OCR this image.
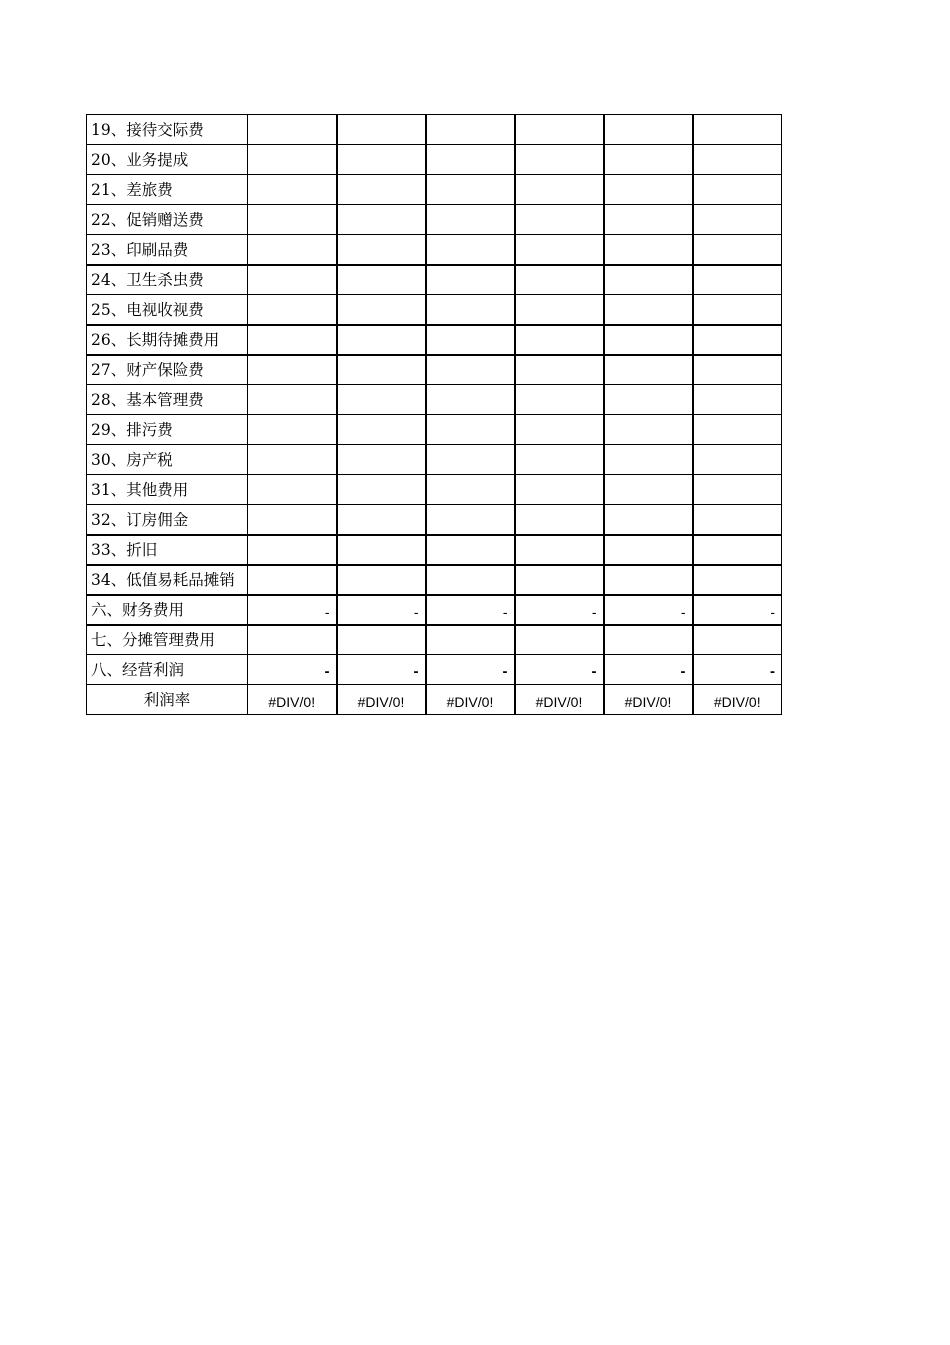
19、接待交际费						
20、业务提成						
21、差旅费						
22、促销赠送费						
23、印刷品费						
24、卫生杀虫费						
25、电视收视费						
26、长期待摊费用						
27、财产保险费						
28、基本管理费						
29、排污费						
30、房产税						
31、其他费用						
32、订房佣金						
33、折旧						
34、低值易耗品摊销						
六、财务费用	-	-	-	-	-	-
七、分摊管理费用						
八、经营利润	-	-	-	-	-	-
利润率	#DIV/0!	#DIV/0!	#DIV/0!	#DIV/0!	#DIV/0!	#DIV/0!
